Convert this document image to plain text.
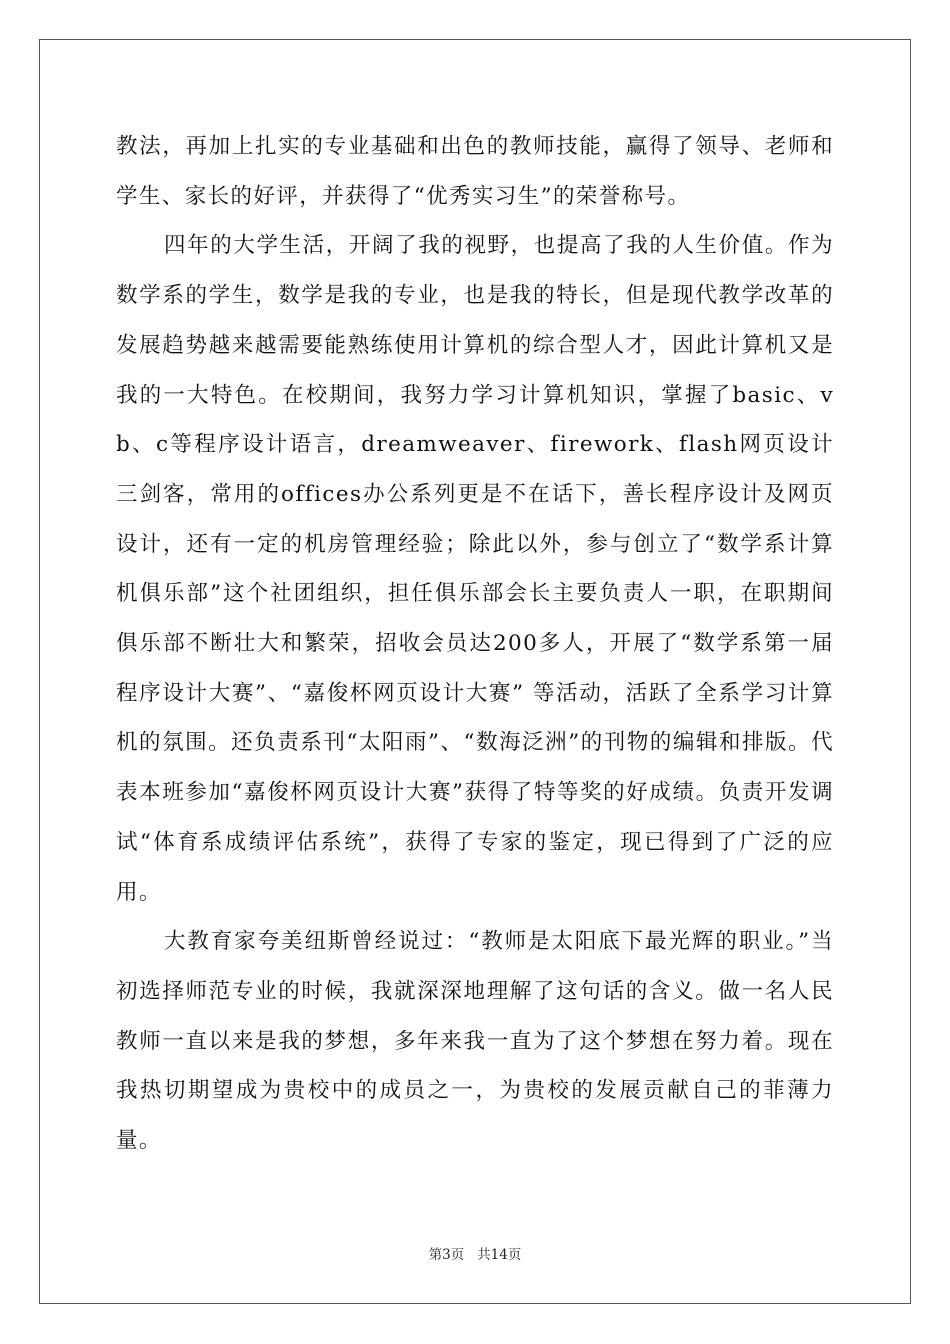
教法，再加上扎实的专业基础和出色的教师技能，赢得了领导、老师和学生、家长的好评，并获得了“优秀实习生”的荣誉称号。

四年的大学生活，开阔了我的视野，也提高了我的人生价值。作为数学系的学生，数学是我的专业，也是我的特长，但是现代教学改革的发展趋势越来越需要能熟练使用计算机的综合型人才，因此计算机又是我的一大特色。在校期间，我努力学习计算机知识，掌握了basic、vb、c等程序设计语言，dreamweaver、firework、flash网页设计三剑客，常用的offices办公系列更是不在话下，善长程序设计及网页设计，还有一定的机房管理经验；除此以外，参与创立了“数学系计算机俱乐部”这个社团组织，担任俱乐部会长主要负责人一职，在职期间俱乐部不断壮大和繁荣，招收会员达200多人，开展了“数学系第一届程序设计大赛”、“嘉俊杯网页设计大赛” 等活动，活跃了全系学习计算机的氛围。还负责系刊“太阳雨”、“数海泛洲”的刊物的编辑和排版。代表本班参加“嘉俊杯网页设计大赛”获得了特等奖的好成绩。负责开发调试“体育系成绩评估系统”，获得了专家的鉴定，现已得到了广泛的应用。

大教育家夸美纽斯曾经说过：“教师是太阳底下最光辉的职业。”当初选择师范专业的时候，我就深深地理解了这句话的含义。做一名人民教师一直以来是我的梦想，多年来我一直为了这个梦想在努力着。现在我热切期望成为贵校中的成员之一，为贵校的发展贡献自己的菲薄力量。

第3页 共14页
